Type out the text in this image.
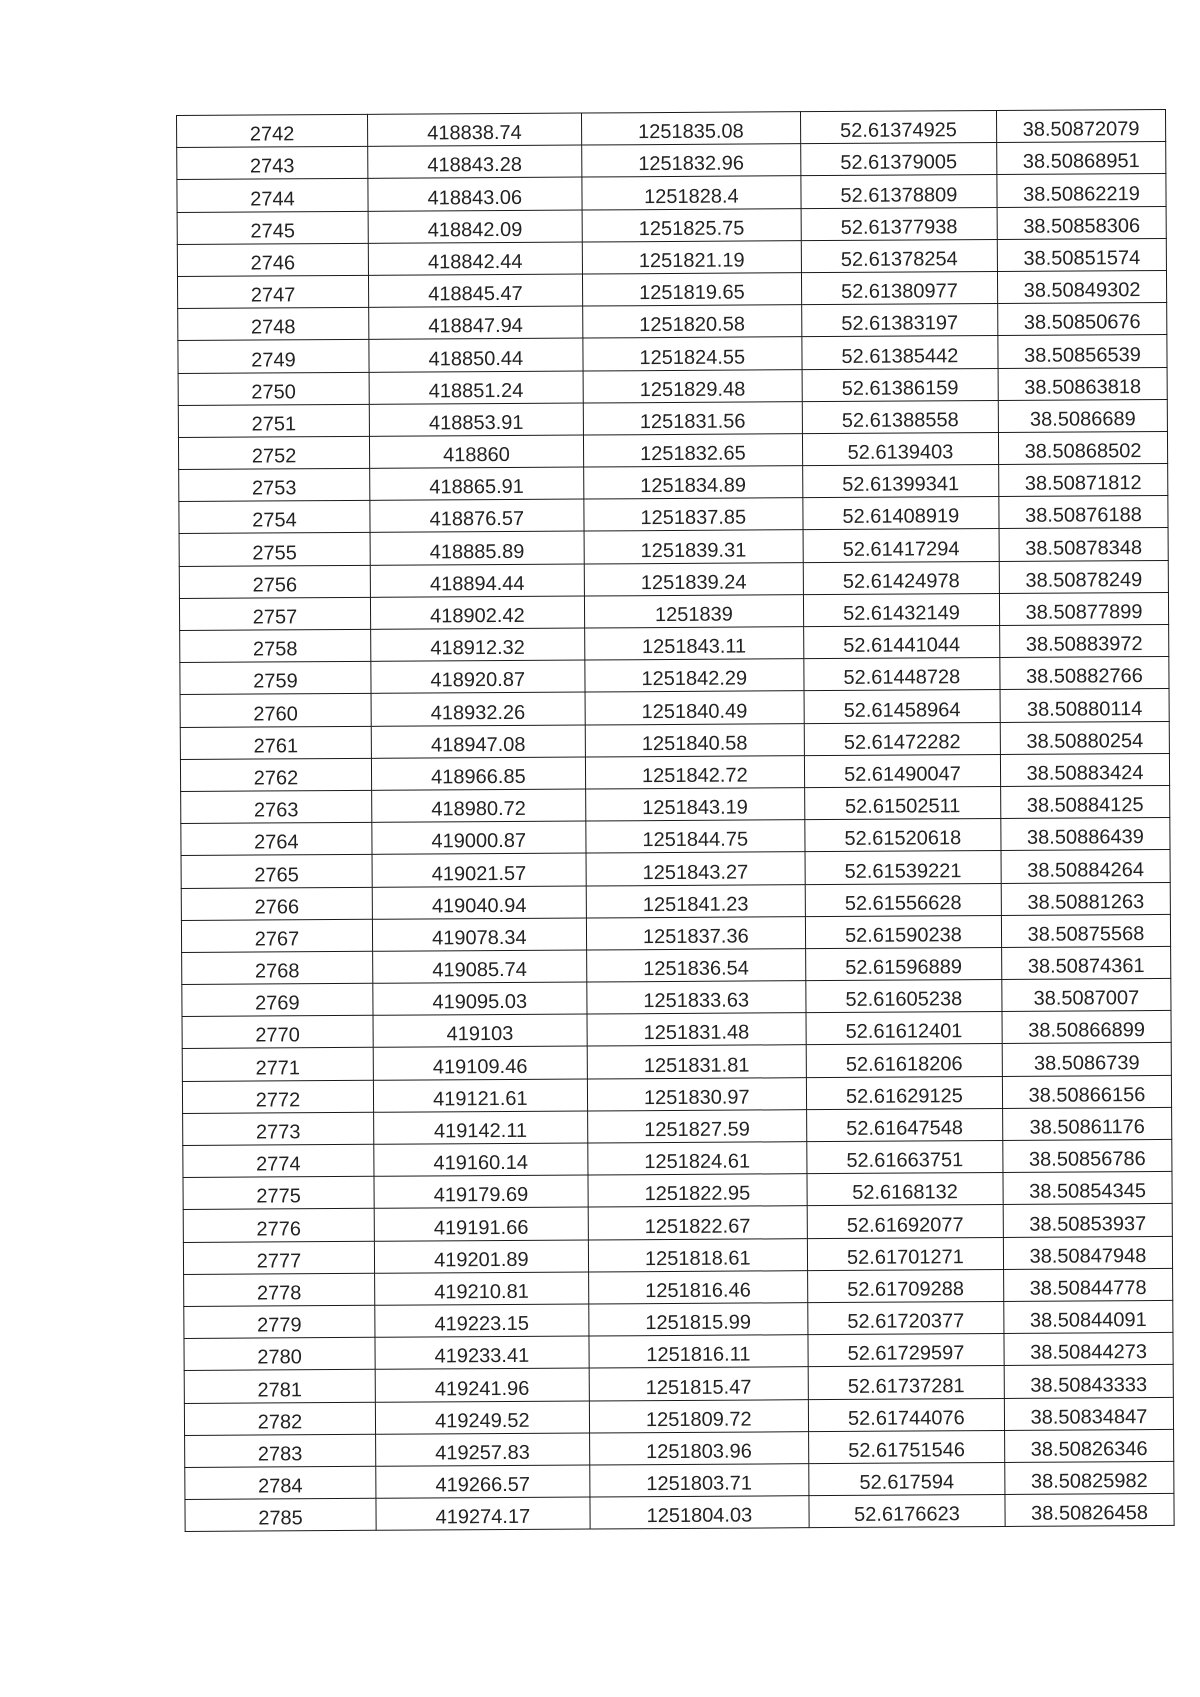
2742	418838.74	1251835.08	52.61374925	38.50872079
2743	418843.28	1251832.96	52.61379005	38.50868951
2744	418843.06	1251828.4	52.61378809	38.50862219
2745	418842.09	1251825.75	52.61377938	38.50858306
2746	418842.44	1251821.19	52.61378254	38.50851574
2747	418845.47	1251819.65	52.61380977	38.50849302
2748	418847.94	1251820.58	52.61383197	38.50850676
2749	418850.44	1251824.55	52.61385442	38.50856539
2750	418851.24	1251829.48	52.61386159	38.50863818
2751	418853.91	1251831.56	52.61388558	38.5086689
2752	418860	1251832.65	52.6139403	38.50868502
2753	418865.91	1251834.89	52.61399341	38.50871812
2754	418876.57	1251837.85	52.61408919	38.50876188
2755	418885.89	1251839.31	52.61417294	38.50878348
2756	418894.44	1251839.24	52.61424978	38.50878249
2757	418902.42	1251839	52.61432149	38.50877899
2758	418912.32	1251843.11	52.61441044	38.50883972
2759	418920.87	1251842.29	52.61448728	38.50882766
2760	418932.26	1251840.49	52.61458964	38.50880114
2761	418947.08	1251840.58	52.61472282	38.50880254
2762	418966.85	1251842.72	52.61490047	38.50883424
2763	418980.72	1251843.19	52.61502511	38.50884125
2764	419000.87	1251844.75	52.61520618	38.50886439
2765	419021.57	1251843.27	52.61539221	38.50884264
2766	419040.94	1251841.23	52.61556628	38.50881263
2767	419078.34	1251837.36	52.61590238	38.50875568
2768	419085.74	1251836.54	52.61596889	38.50874361
2769	419095.03	1251833.63	52.61605238	38.5087007
2770	419103	1251831.48	52.61612401	38.50866899
2771	419109.46	1251831.81	52.61618206	38.5086739
2772	419121.61	1251830.97	52.61629125	38.50866156
2773	419142.11	1251827.59	52.61647548	38.50861176
2774	419160.14	1251824.61	52.61663751	38.50856786
2775	419179.69	1251822.95	52.6168132	38.50854345
2776	419191.66	1251822.67	52.61692077	38.50853937
2777	419201.89	1251818.61	52.61701271	38.50847948
2778	419210.81	1251816.46	52.61709288	38.50844778
2779	419223.15	1251815.99	52.61720377	38.50844091
2780	419233.41	1251816.11	52.61729597	38.50844273
2781	419241.96	1251815.47	52.61737281	38.50843333
2782	419249.52	1251809.72	52.61744076	38.50834847
2783	419257.83	1251803.96	52.61751546	38.50826346
2784	419266.57	1251803.71	52.617594	38.50825982
2785	419274.17	1251804.03	52.6176623	38.50826458
